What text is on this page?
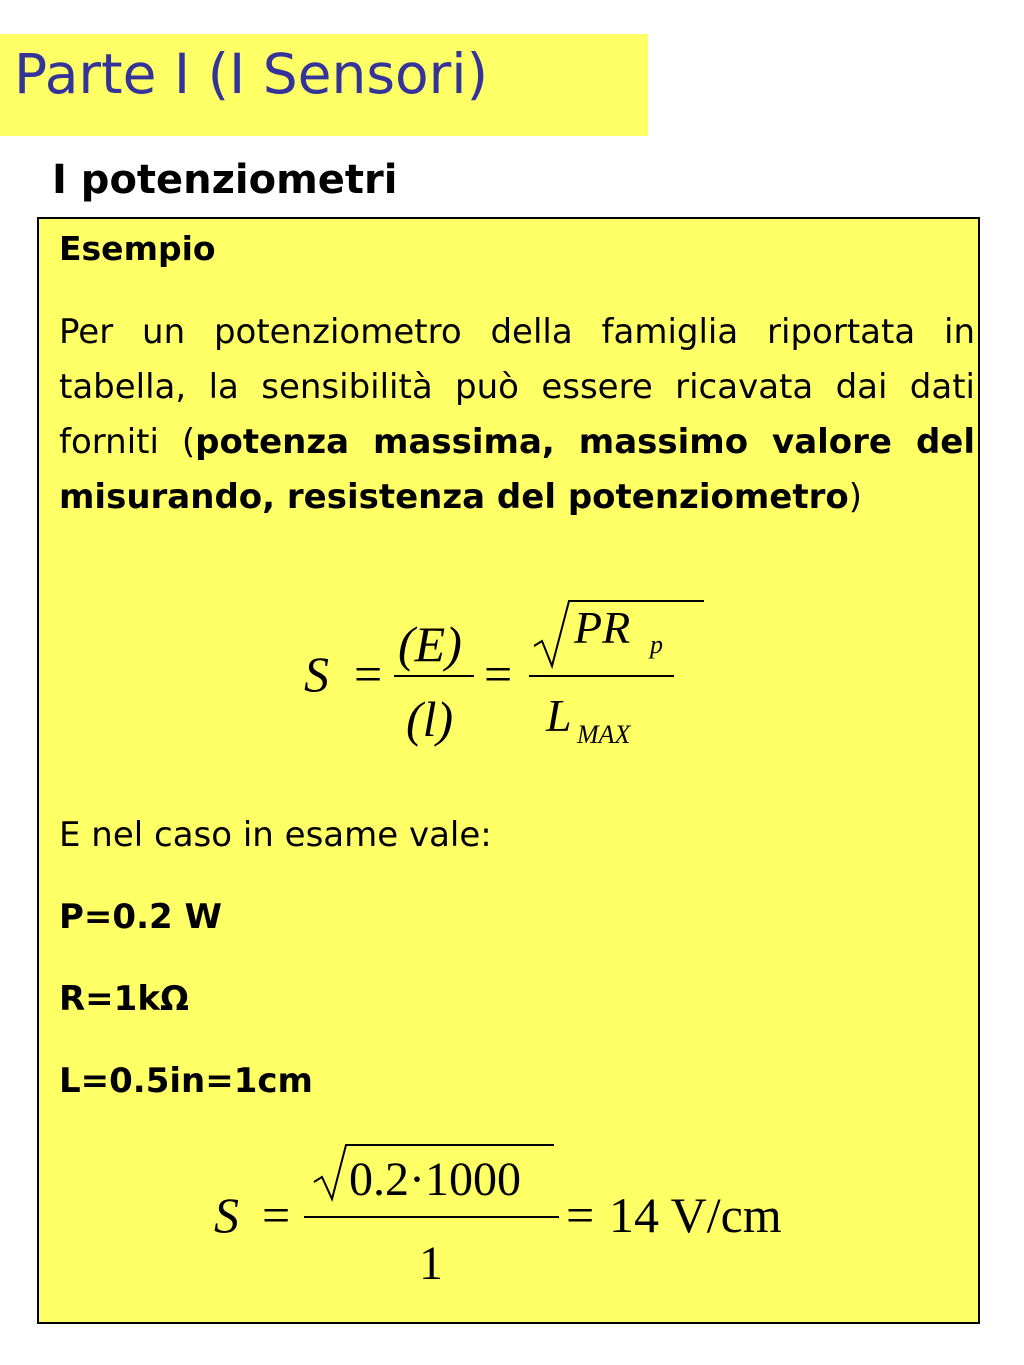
Parte I (I Sensori)
I potenziometri
Esempio
Per un potenziometro della famiglia riportata in tabella, la sensibilità può essere ricavata dai dati forniti (potenza massima, massimo valore del misurando, resistenza del potenziometro)
S =
(E)
(l)
=
PR p
L MAX
E nel caso in esame vale:
P=0.2 W
R=1kΩ
L=0.5in=1cm
S =
0.2·1000
1
= 14 V/cm
